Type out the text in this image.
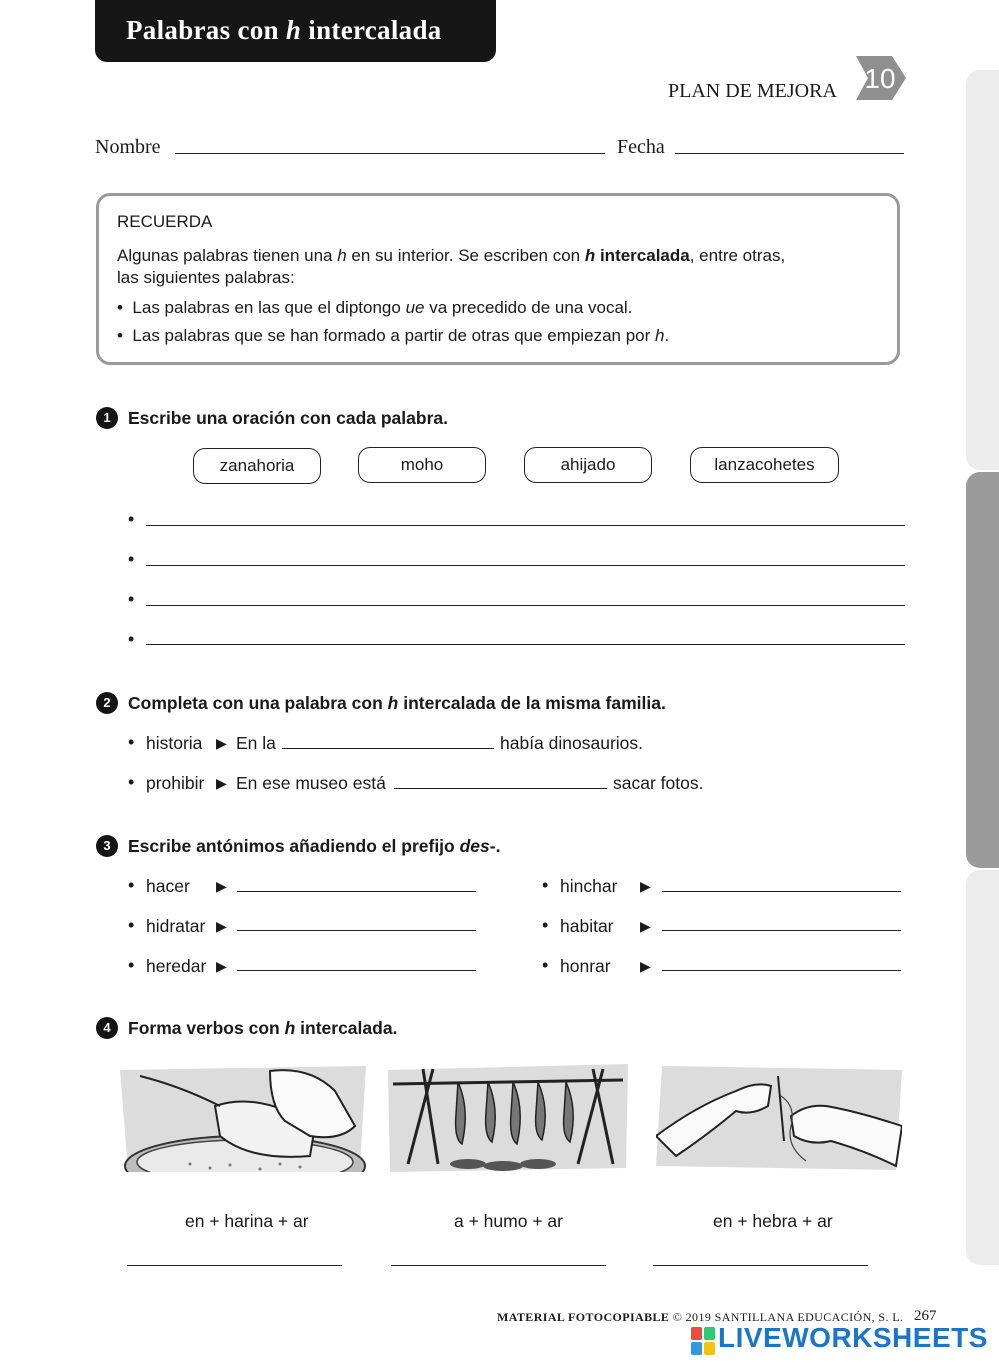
Palabras con h intercalada
PLAN DE MEJORA 10
Nombre	Fecha
RECUERDA
Algunas palabras tienen una h en su interior. Se escriben con h intercalada, entre otras,
las siguientes palabras:
• Las palabras en las que el diptongo ue va precedido de una vocal.
• Las palabras que se han formado a partir de otras que empiezan por h.
1 Escribe una oración con cada palabra.
zanahoria	moho	ahijado	lanzacohetes
•
•
•
•
2 Completa con una palabra con h intercalada de la misma familia.
• historia ▶ En la	había dinosaurios.
• prohibir ▶ En ese museo está	sacar fotos.
3 Escribe antónimos añadiendo el prefijo des-.
• hacer ▶
• hidratar ▶
• heredar ▶
• hinchar ▶
• habitar ▶
• honrar ▶
4 Forma verbos con h intercalada.
en + harina + ar	a + humo + ar	en + hebra + ar
MATERIAL FOTOCOPIABLE © 2019 SANTILLANA EDUCACIÓN, S. L. 267
LIVEWORKSHEETS
